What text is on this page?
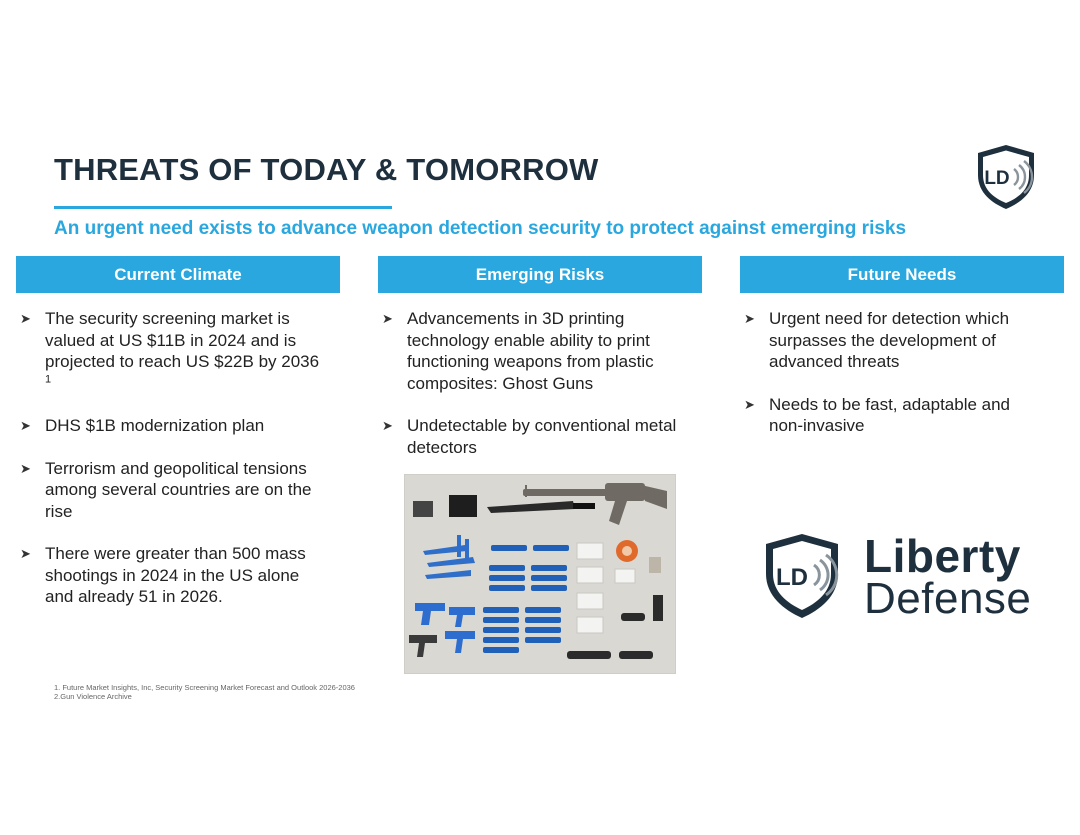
THREATS OF TODAY & TOMORROW
An urgent need exists to advance weapon detection security to protect against emerging risks
LD
Current Climate
➤ The security screening market is valued at US $11B in 2024 and is projected to reach US $22B by 2036 $^1$
➤ DHS $1B modernization plan
➤ Terrorism and geopolitical tensions among several countries are on the rise
➤ There were greater than 500 mass shootings in 2024 in the US alone and already 51 in 2026.
Emerging Risks
➤ Advancements in 3D printing technology enable ability to print functioning weapons from plastic composites: Ghost Guns
➤ Undetectable by conventional metal detectors
Future Needs
➤ Urgent need for detection which surpasses the development of advanced threats
➤ Needs to be fast, adaptable and non-invasive
LD Liberty
Defense
1. Future Market Insights, Inc, Security Screening Market Forecast and Outlook 2026-2036
2.Gun Violence Archive
